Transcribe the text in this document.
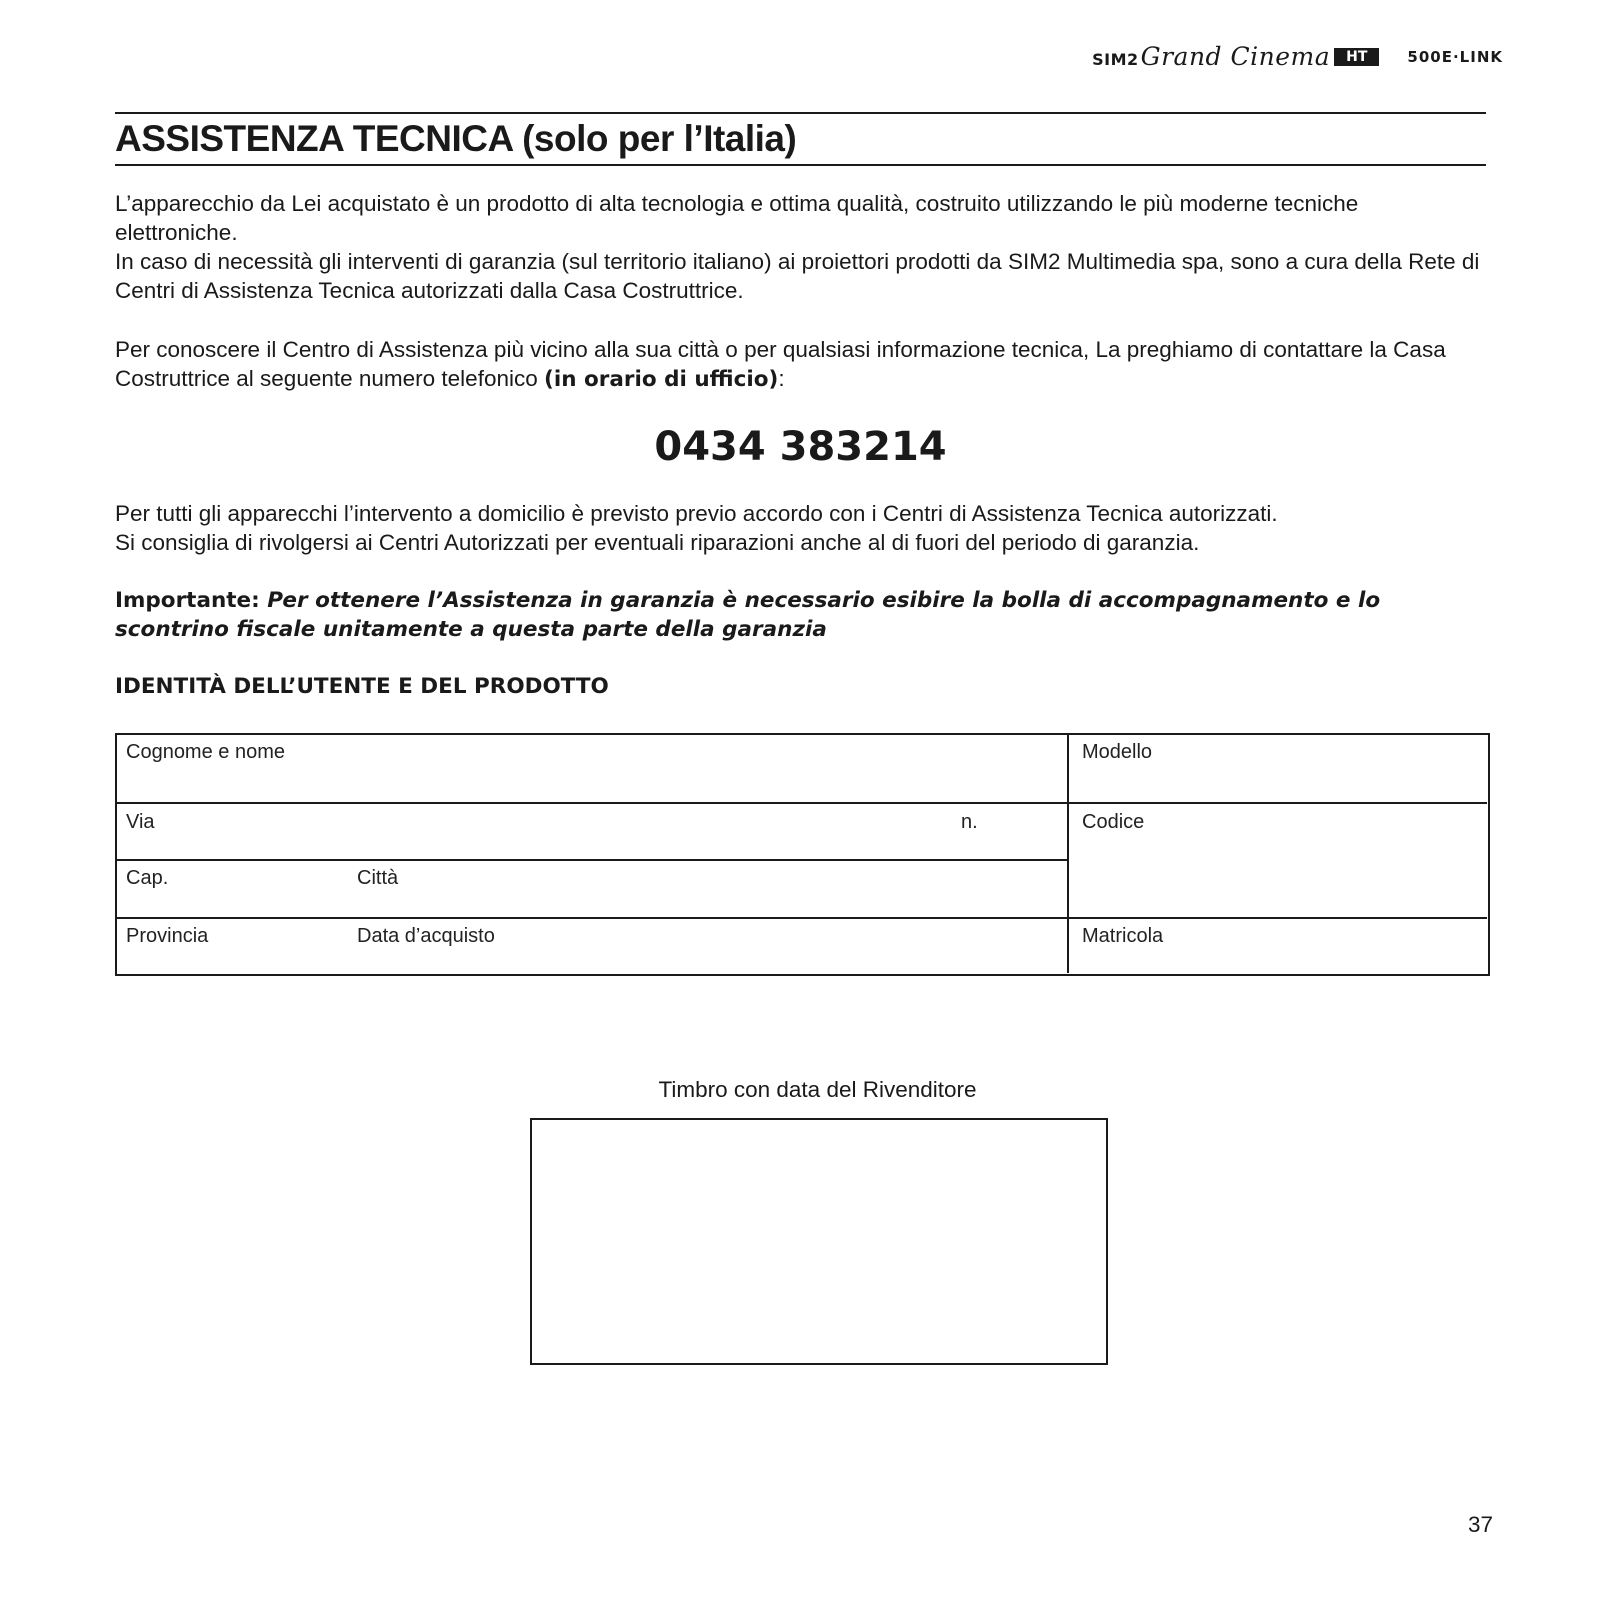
SIM2 Grand Cinema	HT	500E·LINK
ASSISTENZA TECNICA (solo per l’Italia)
L’apparecchio da Lei acquistato è un prodotto di alta tecnologia e ottima qualità, costruito utilizzando le più moderne tecniche elettroniche.
In caso di necessità gli interventi di garanzia (sul territorio italiano) ai proiettori prodotti da SIM2 Multimedia spa, sono a cura della Rete di Centri di Assistenza Tecnica autorizzati dalla Casa Costruttrice.

Per conoscere il Centro di Assistenza più vicino alla sua città o per qualsiasi informazione tecnica, La preghiamo di contattare la Casa Costruttrice al seguente numero telefonico (in orario di ufficio):

0434 383214
Per tutti gli apparecchi l’intervento a domicilio è previsto previo accordo con i Centri di Assistenza Tecnica autorizzati.
Si consiglia di rivolgersi ai Centri Autorizzati per eventuali riparazioni anche al di fuori del periodo di garanzia.

Importante: Per ottenere l’Assistenza in garanzia è necessario esibire la bolla di accompagnamento e lo scontrino fiscale unitamente a questa parte della garanzia

IDENTITÀ DELL’UTENTE E DEL PRODOTTO
Cognome e nome	Modello
Via	n.	Codice
Cap.	Città
Provincia	Data d’acquisto	Matricola
Timbro con data del Rivenditore
37
